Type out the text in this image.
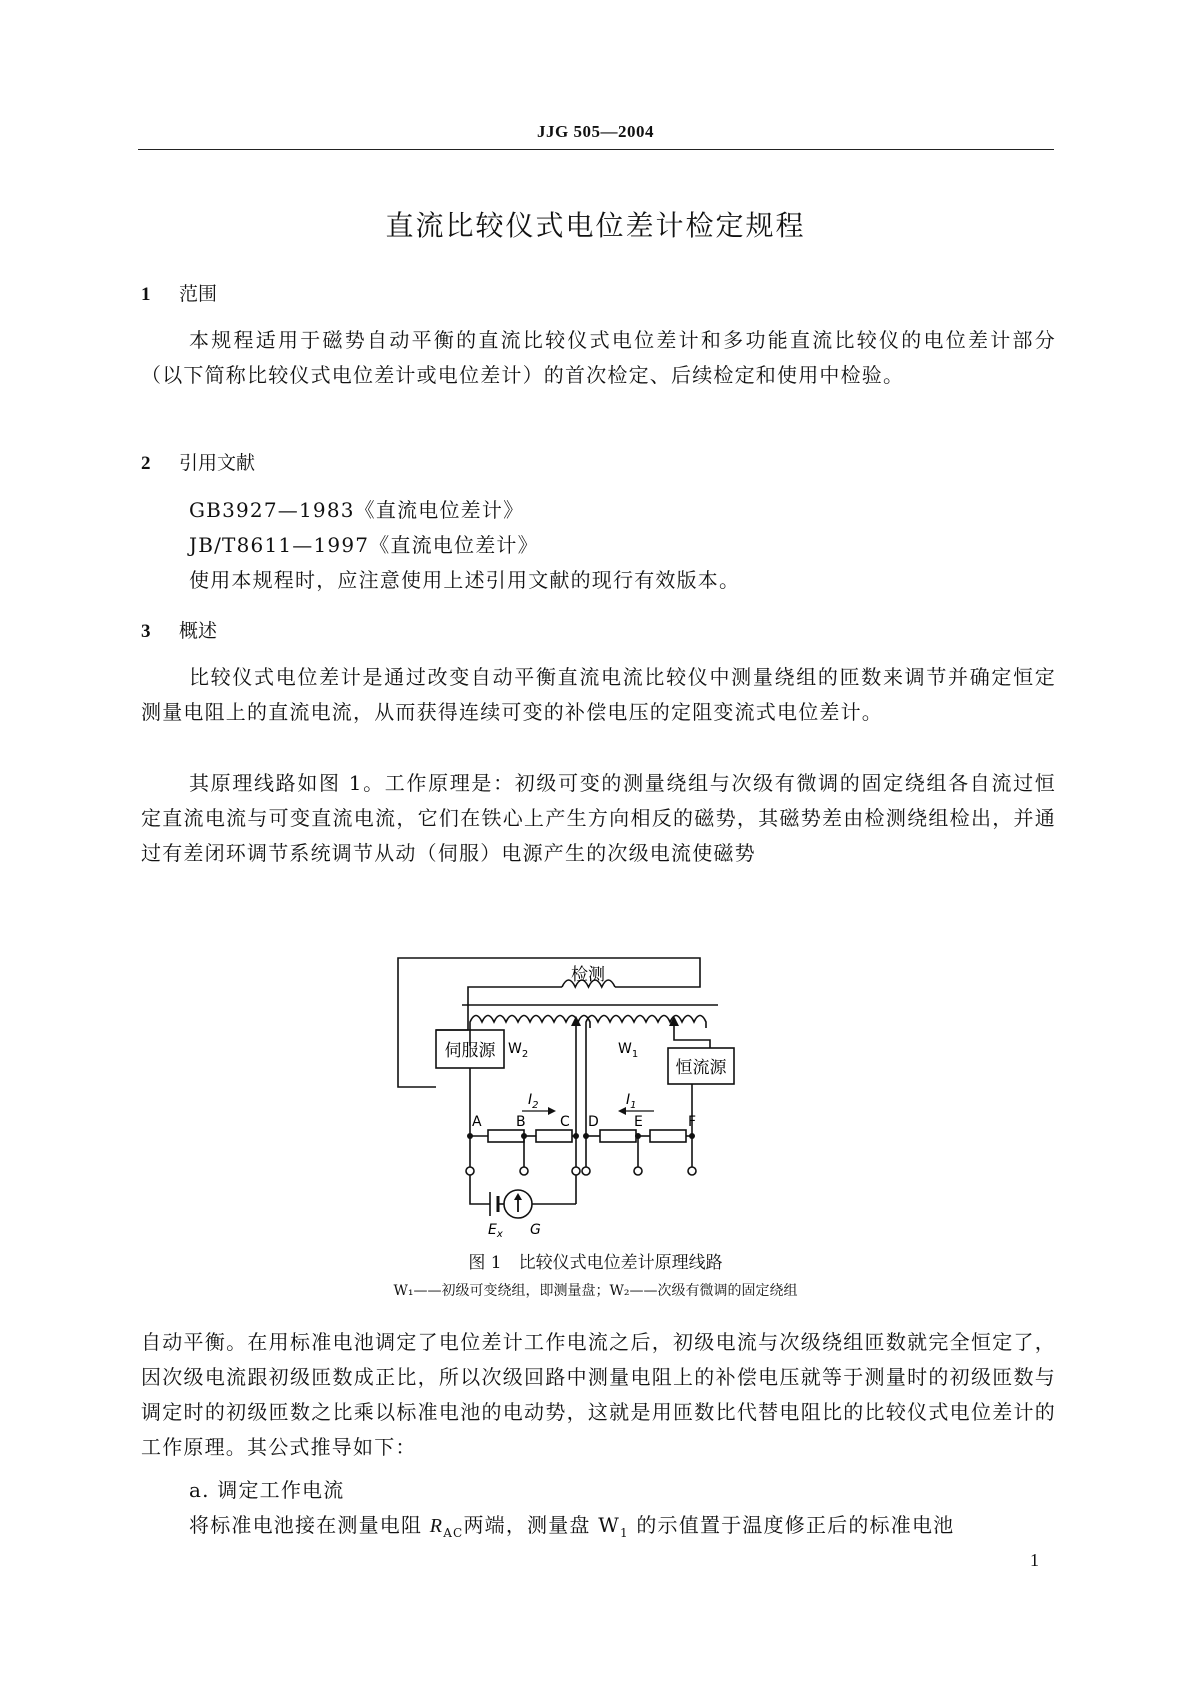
JJG 505—2004
直流比较仪式电位差计检定规程
1 范围
本规程适用于磁势自动平衡的直流比较仪式电位差计和多功能直流比较仪的电位差计部分（以下简称比较仪式电位差计或电位差计）的首次检定、后续检定和使用中检验。
2 引用文献
GB3927—1983《直流电位差计》
JB/T8611—1997《直流电位差计》
使用本规程时，应注意使用上述引用文献的现行有效版本。
3 概述
比较仪式电位差计是通过改变自动平衡直流电流比较仪中测量绕组的匝数来调节并确定恒定测量电阻上的直流电流，从而获得连续可变的补偿电压的定阻变流式电位差计。
其原理线路如图 1。工作原理是：初级可变的测量绕组与次级有微调的固定绕组各自流过恒定直流电流与可变直流电流，它们在铁心上产生方向相反的磁势，其磁势差由检测绕组检出，并通过有差闭环调节系统调节从动（伺服）电源产生的次级电流使磁势
检测
伺服源
恒流源
$W_2$	$W_1$
$I_2$	$I_1$
A B C D	E	F
$E_x$ G
图 1　比较仪式电位差计原理线路
W₁——初级可变绕组，即测量盘；W₂——次级有微调的固定绕组
自动平衡。在用标准电池调定了电位差计工作电流之后，初级电流与次级绕组匝数就完全恒定了，因次级电流跟初级匝数成正比，所以次级回路中测量电阻上的补偿电压就等于测量时的初级匝数与调定时的初级匝数之比乘以标准电池的电动势，这就是用匝数比代替电阻比的比较仪式电位差计的工作原理。其公式推导如下：
a. 调定工作电流
将标准电池接在测量电阻 $R_{AC}$两端，测量盘 $W_1$ 的示值置于温度修正后的标准电池
1
